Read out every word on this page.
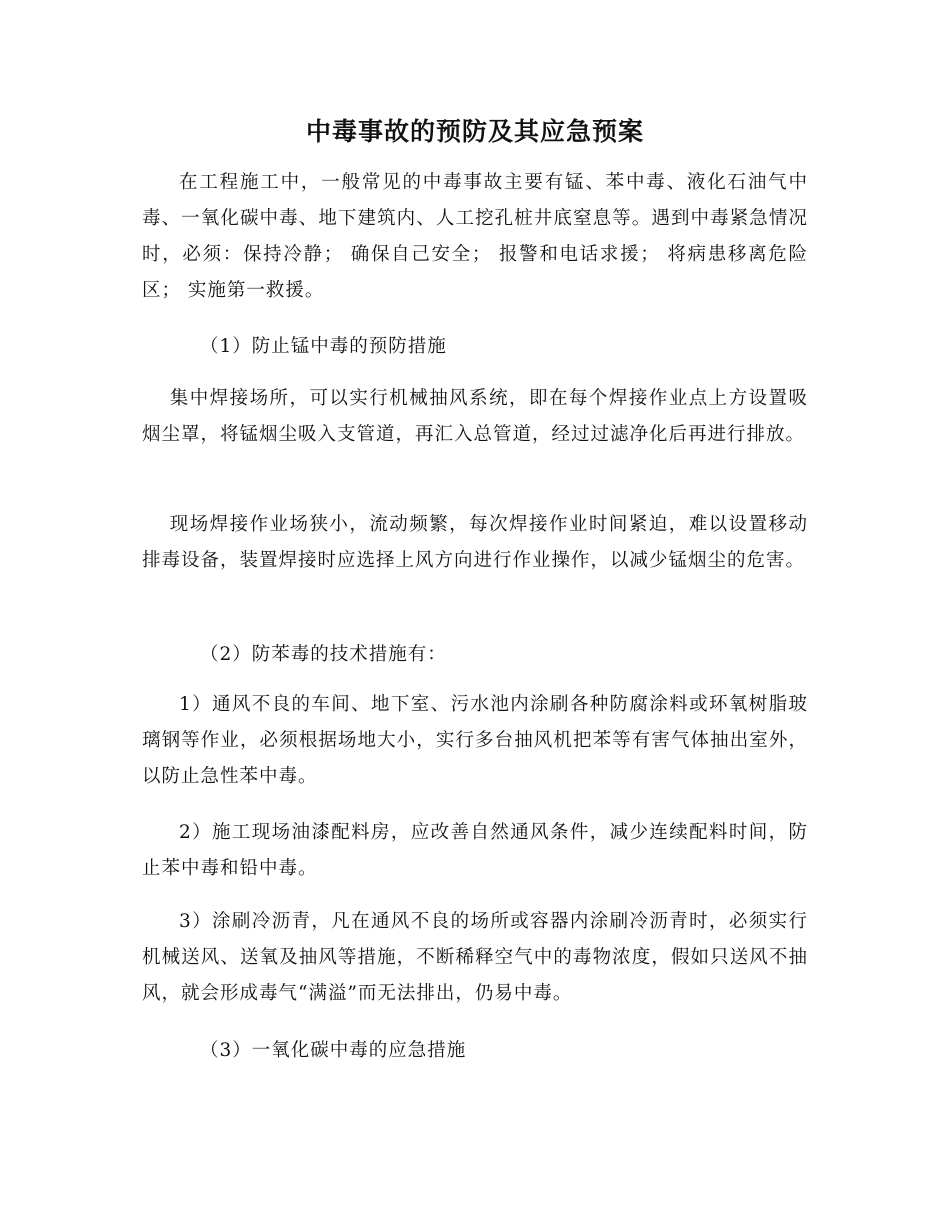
中毒事故的预防及其应急预案

在工程施工中，一般常见的中毒事故主要有锰、苯中毒、液化石油气中毒、一氧化碳中毒、地下建筑内、人工挖孔桩井底窒息等。遇到中毒紧急情况时，必须：保持冷静； 确保自己安全； 报警和电话求援； 将病患移离危险区； 实施第一救援。

（1）防止锰中毒的预防措施

集中焊接场所，可以实行机械抽风系统，即在每个焊接作业点上方设置吸烟尘罩，将锰烟尘吸入支管道，再汇入总管道，经过过滤净化后再进行排放。

现场焊接作业场狭小，流动频繁，每次焊接作业时间紧迫，难以设置移动排毒设备，装置焊接时应选择上风方向进行作业操作，以减少锰烟尘的危害。

（2）防苯毒的技术措施有：

1）通风不良的车间、地下室、污水池内涂刷各种防腐涂料或环氧树脂玻璃钢等作业，必须根据场地大小，实行多台抽风机把苯等有害气体抽出室外，以防止急性苯中毒。

2）施工现场油漆配料房，应改善自然通风条件，减少连续配料时间，防止苯中毒和铅中毒。

3）涂刷冷沥青，凡在通风不良的场所或容器内涂刷冷沥青时，必须实行机械送风、送氧及抽风等措施，不断稀释空气中的毒物浓度，假如只送风不抽风，就会形成毒气“满溢”而无法排出，仍易中毒。

（3）一氧化碳中毒的应急措施
